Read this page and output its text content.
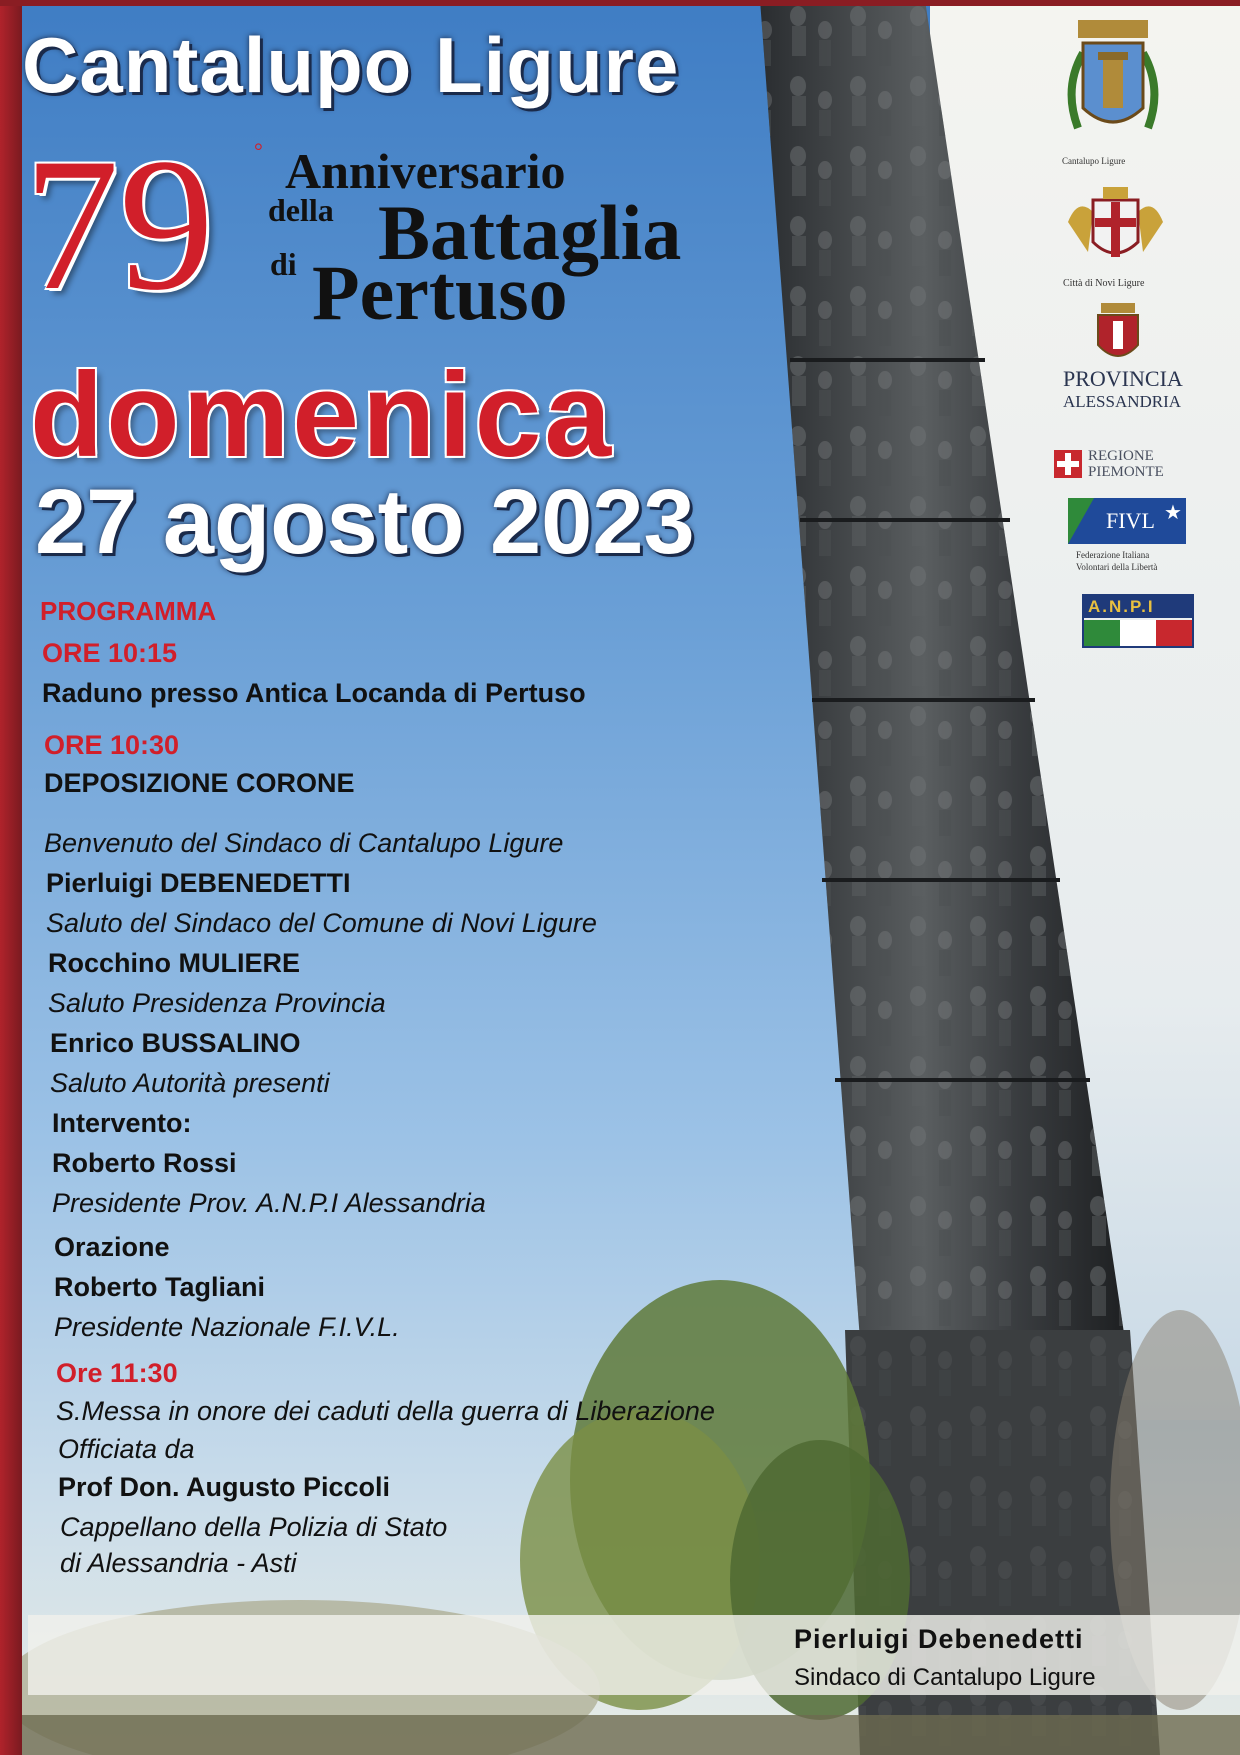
Cantalupo Ligure
79 ° Anniversario
della Battaglia
di Pertuso
domenica
27 agosto 2023
PROGRAMMA
ORE 10:15
Raduno presso Antica Locanda di Pertuso
ORE 10:30
DEPOSIZIONE CORONE
Benvenuto del Sindaco di Cantalupo Ligure
Pierluigi DEBENEDETTI
Saluto del Sindaco del Comune di Novi Ligure
Rocchino MULIERE
Saluto Presidenza Provincia
Enrico BUSSALINO
Saluto Autorità presenti
Intervento:
Roberto Rossi
Presidente Prov. A.N.P.I Alessandria
Orazione
Roberto Tagliani
Presidente Nazionale F.I.V.L.
Ore 11:30
S.Messa in onore dei caduti della guerra di Liberazione
Officiata da
Prof Don. Augusto Piccoli
Cappellano della Polizia di Stato
di Alessandria - Asti
Cantalupo Ligure
Città di Novi Ligure
PROVINCIA
ALESSANDRIA
REGIONE
PIEMONTE
FIVL ★
Federazione Italiana
Volontari della Libertà
A.N.P.I
Pierluigi Debenedetti
Sindaco di Cantalupo Ligure
